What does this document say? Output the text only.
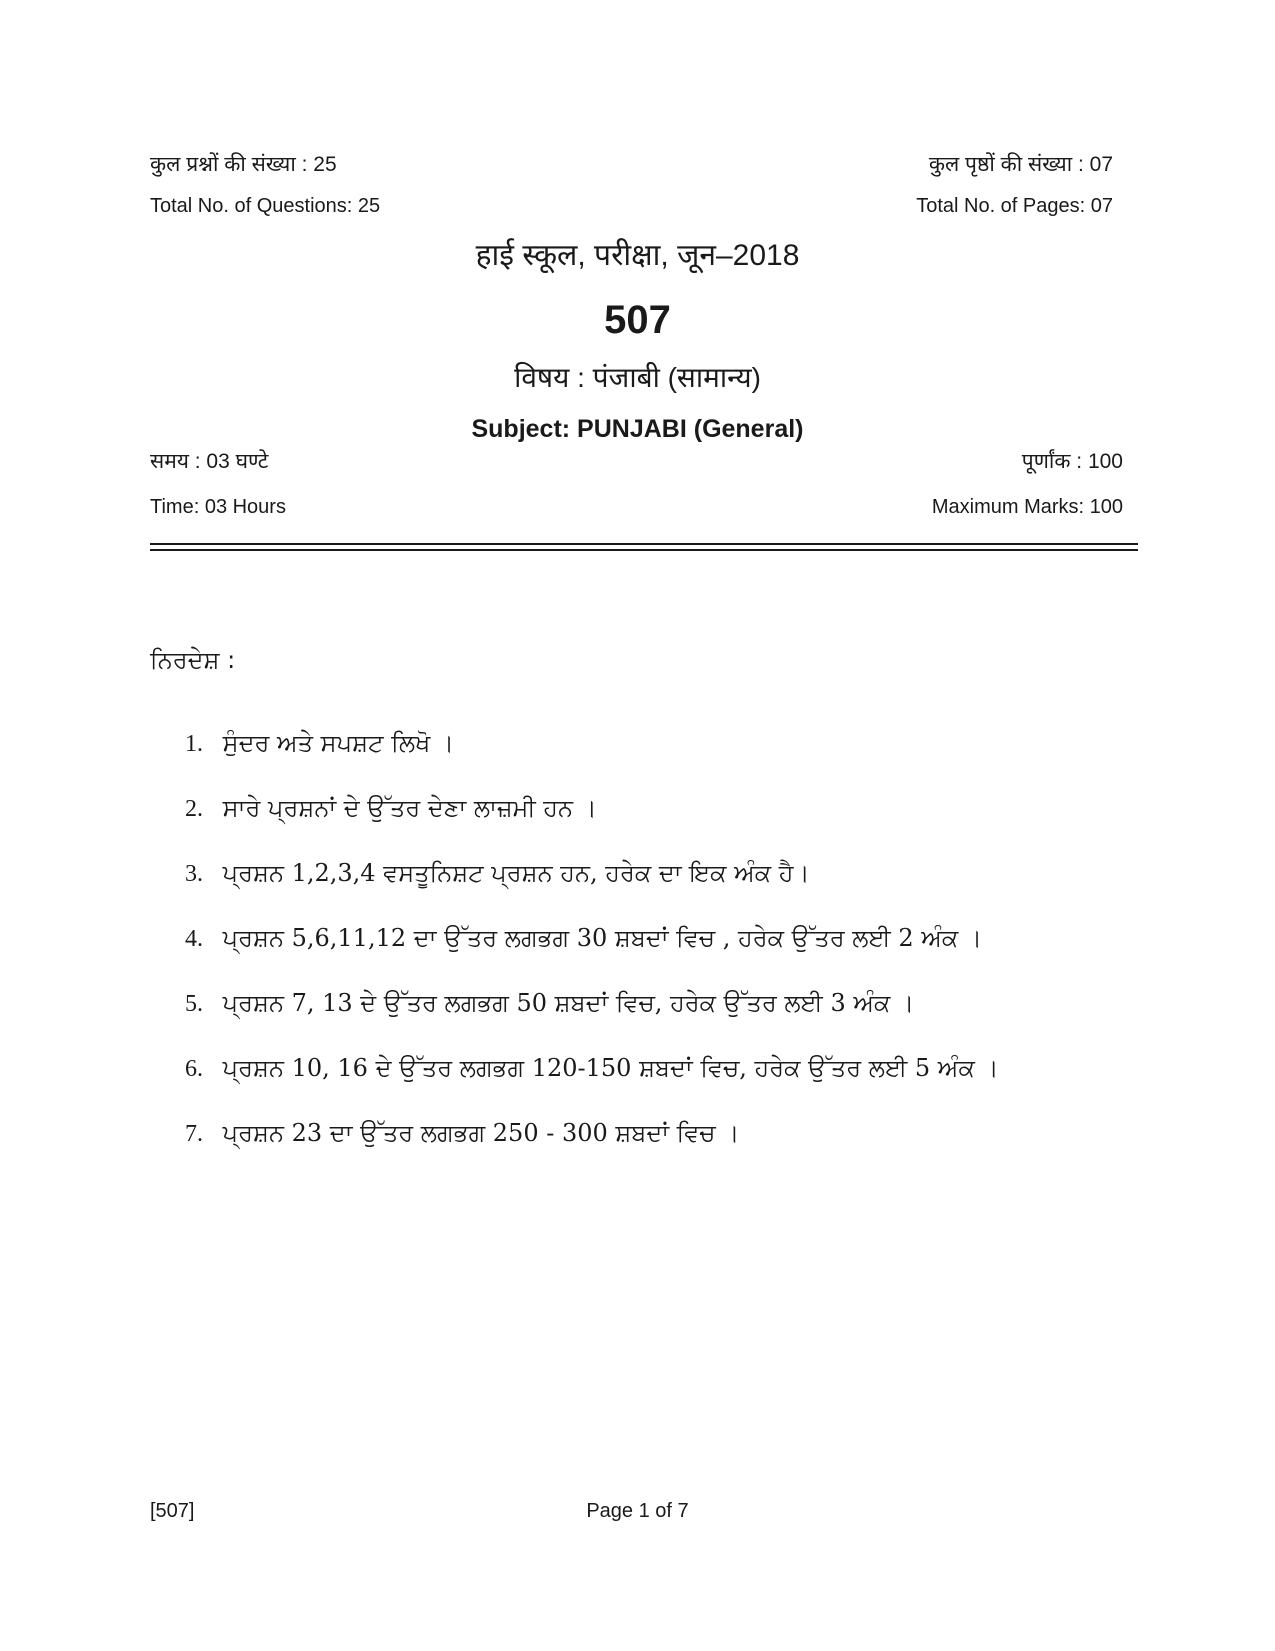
कुल प्रश्नों की संख्या : 25	कुल पृष्ठों की संख्या : 07
Total No. of Questions: 25	Total No. of Pages: 07
हाई स्कूल, परीक्षा, जून–2018
507
विषय : पंजाबी (सामान्य)
Subject: PUNJABI (General)
समय : 03 घण्टे	पूर्णांक : 100
Time: 03 Hours	Maximum Marks: 100
ਨਿਰਦੇਸ਼ :
1. ਸੁੰਦਰ ਅਤੇ ਸਪਸ਼ਟ ਲਿਖੋ ।
2. ਸਾਰੇ ਪ੍ਰਸ਼ਨਾਂ ਦੇ ਉੱਤਰ ਦੇਣਾ ਲਾਜ਼ਮੀ ਹਨ ।
3. ਪ੍ਰਸ਼ਨ 1,2,3,4 ਵਸਤੂਨਿਸ਼ਟ ਪ੍ਰਸ਼ਨ ਹਨ, ਹਰੇਕ ਦਾ ਇਕ ਅੰਕ ਹੈ।
4. ਪ੍ਰਸ਼ਨ 5,6,11,12 ਦਾ ਉੱਤਰ ਲਗਭਗ 30 ਸ਼ਬਦਾਂ ਵਿਚ , ਹਰੇਕ ਉੱਤਰ ਲਈ 2 ਅੰਕ ।
5. ਪ੍ਰਸ਼ਨ 7, 13 ਦੇ ਉੱਤਰ ਲਗਭਗ 50 ਸ਼ਬਦਾਂ ਵਿਚ, ਹਰੇਕ ਉੱਤਰ ਲਈ 3 ਅੰਕ ।
6. ਪ੍ਰਸ਼ਨ 10, 16 ਦੇ ਉੱਤਰ ਲਗਭਗ 120-150 ਸ਼ਬਦਾਂ ਵਿਚ, ਹਰੇਕ ਉੱਤਰ ਲਈ 5 ਅੰਕ ।
7. ਪ੍ਰਸ਼ਨ 23 ਦਾ ਉੱਤਰ ਲਗਭਗ 250 - 300 ਸ਼ਬਦਾਂ ਵਿਚ ।
[507]	Page 1 of 7
